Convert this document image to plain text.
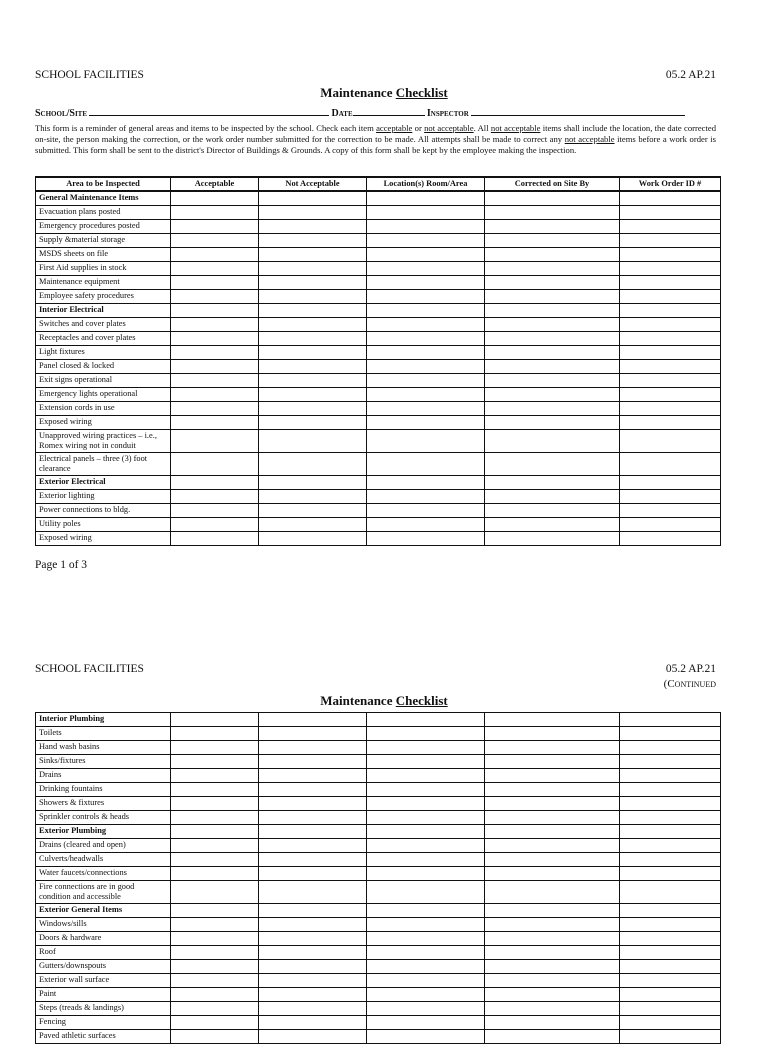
SCHOOL FACILITIES	05.2 AP.21
Maintenance Checklist
School/Site	Date	Inspector
This form is a reminder of general areas and items to be inspected by the school. Check each item acceptable or not acceptable. All not acceptable items shall include the location, the date corrected on-site, the person making the correction, or the work order number submitted for the correction to be made. All attempts shall be made to correct any not acceptable items before a work order is submitted. This form shall be sent to the district's Director of Buildings & Grounds. A copy of this form shall be kept by the employee making the inspection.
Area to be Inspected	Acceptable	Not Acceptable	Location(s) Room/Area	Corrected on Site By	Work Order ID #
General Maintenance Items					
Evacuation plans posted					
Emergency procedures posted					
Supply &material storage					
MSDS sheets on file					
First Aid supplies in stock					
Maintenance equipment					
Employee safety procedures					
Interior Electrical					
Switches and cover plates					
Receptacles and cover plates					
Light fixtures					
Panel closed & locked					
Exit signs operational					
Emergency lights operational					
Extension cords in use					
Exposed wiring					
Unapproved wiring practices – i.e., Romex wiring not in conduit					
Electrical panels – three (3) foot clearance					
Exterior Electrical					
Exterior lighting					
Power connections to bldg.					
Utility poles					
Exposed wiring					
Page 1 of 3
SCHOOL FACILITIES	05.2 AP.21
(Continued
Maintenance Checklist
Interior Plumbing					
Toilets					
Hand wash basins					
Sinks/fixtures					
Drains					
Drinking fountains					
Showers & fixtures					
Sprinkler controls & heads					
Exterior Plumbing					
Drains (cleared and open)					
Culverts/headwalls					
Water faucets/connections					
Fire connections are in good condition and accessible					
Exterior General Items					
Windows/sills					
Doors & hardware					
Roof					
Gutters/downspouts					
Exterior wall surface					
Paint					
Steps (treads & landings)					
Fencing					
Paved athletic surfaces					
